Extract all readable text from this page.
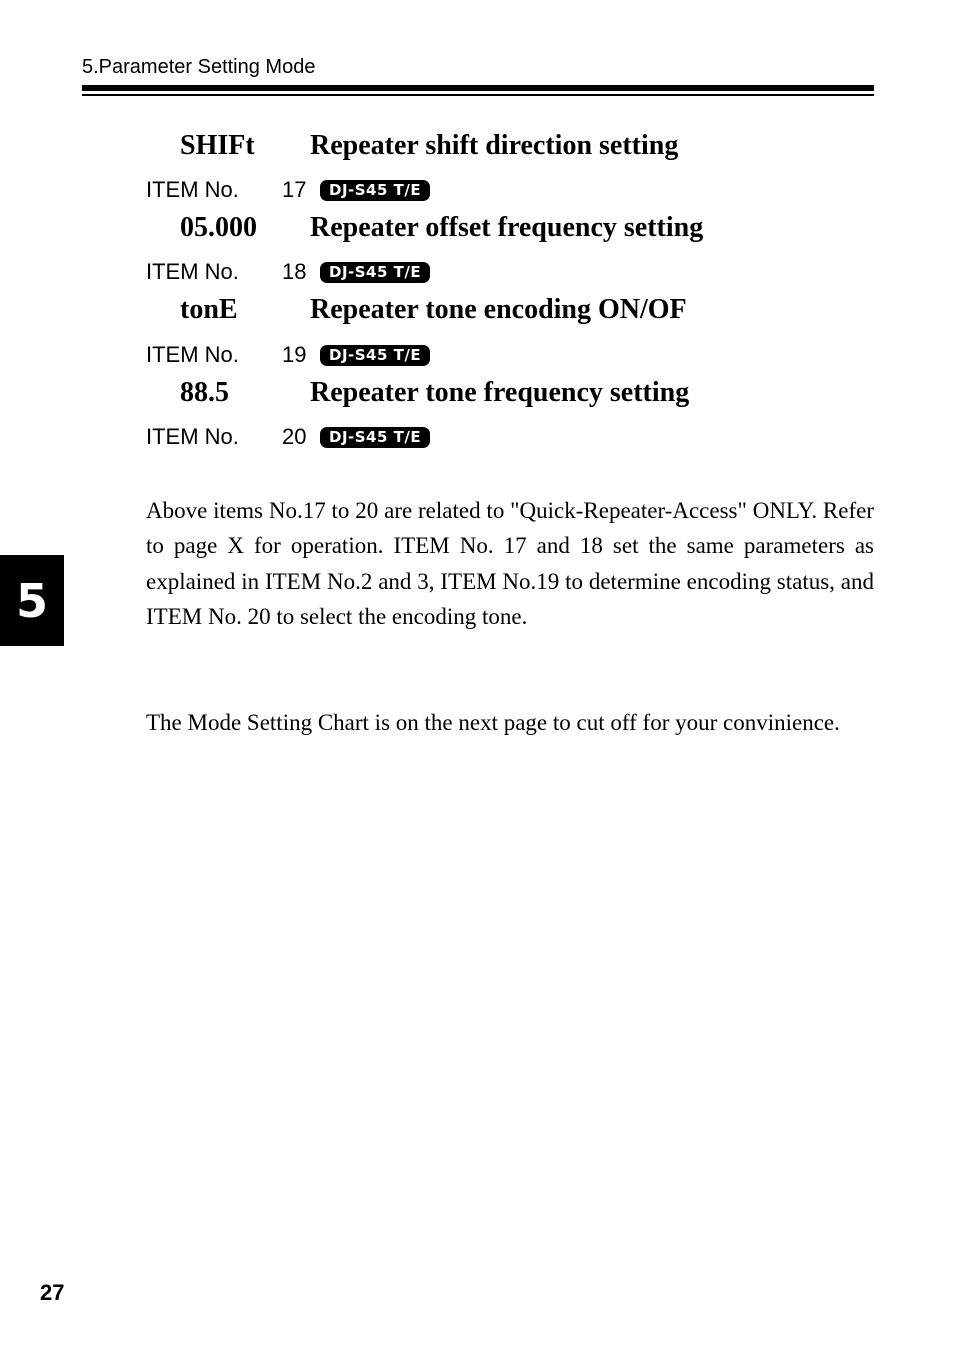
5.Parameter Setting Mode
SHIFt Repeater shift direction setting
ITEM No.	17	DJ-S45 T/E
05.000 Repeater offset frequency setting
ITEM No.	18	DJ-S45 T/E
tonE	Repeater tone encoding ON/OF
ITEM No.	19	DJ-S45 T/E
88.5	Repeater tone frequency setting
ITEM No.	20	DJ-S45 T/E

Above items No.17 to 20 are related to "Quick-Repeater-Access" ONLY. Refer to page X for operation. ITEM No. 17 and 18 set the same parameters as explained in ITEM No.2 and 3, ITEM No.19 to determine encoding status, and ITEM No. 20 to select the encoding tone.

The Mode Setting Chart is on the next page to cut off for your convinience.

5
27
